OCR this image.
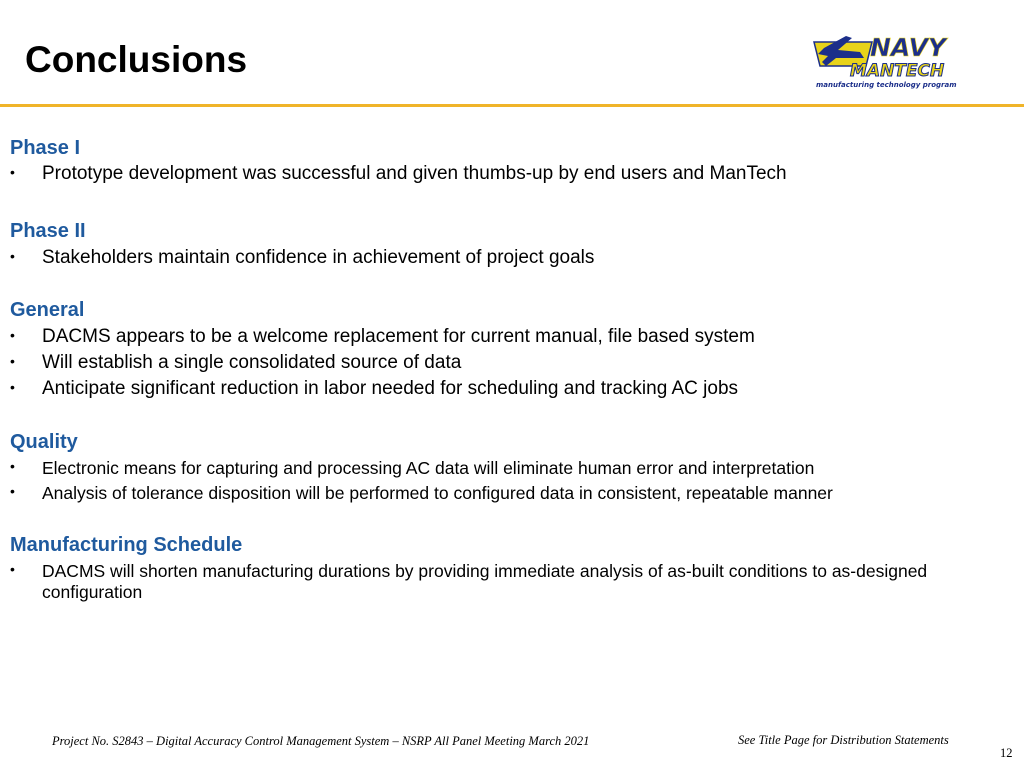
Conclusions	NAVY
MANTECH
manufacturing technology program
Phase I
• Prototype development was successful and given thumbs-up by end users and ManTech
Phase II
• Stakeholders maintain confidence in achievement of project goals
General
• DACMS appears to be a welcome replacement for current manual, file based system
• Will establish a single consolidated source of data
• Anticipate significant reduction in labor needed for scheduling and tracking AC jobs
Quality
• Electronic means for capturing and processing AC data will eliminate human error and interpretation
• Analysis of tolerance disposition will be performed to configured data in consistent, repeatable manner
Manufacturing Schedule
• DACMS will shorten manufacturing durations by providing immediate analysis of as-built conditions to as-designed configuration
Project No. S2843 – Digital Accuracy Control Management System – NSRP All Panel Meeting March 2021	See Title Page for Distribution Statements
12
